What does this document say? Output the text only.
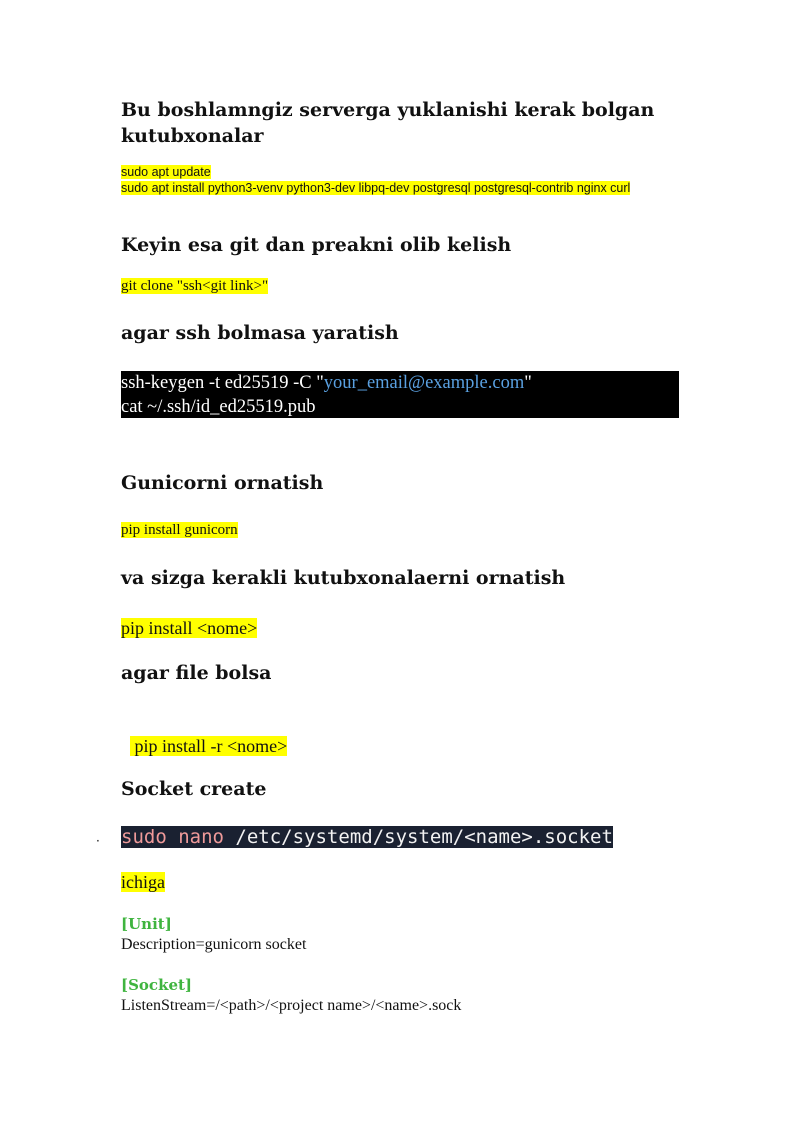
Bu boshlamngiz serverga yuklanishi kerak bolgan
kutubxonalar
sudo apt update
sudo apt install python3-venv python3-dev libpq-dev postgresql postgresql-contrib nginx curl
Keyin esa git dan preakni olib kelish
git clone "ssh<git link>"
agar ssh bolmasa yaratish
ssh-keygen -t ed25519 -C "your_email@example.com"
cat ~/.ssh/id_ed25519.pub
Gunicorni ornatish
pip install gunicorn
va sizga kerakli kutubxonalaerni ornatish
pip install <nome>
agar file bolsa

pip install -r <nome>

Socket create
· sudo nano /etc/systemd/system/<name>.socket
ichiga
[Unit]
Description=gunicorn socket
[Socket]
ListenStream=/<path>/<project name>/<name>.sock
